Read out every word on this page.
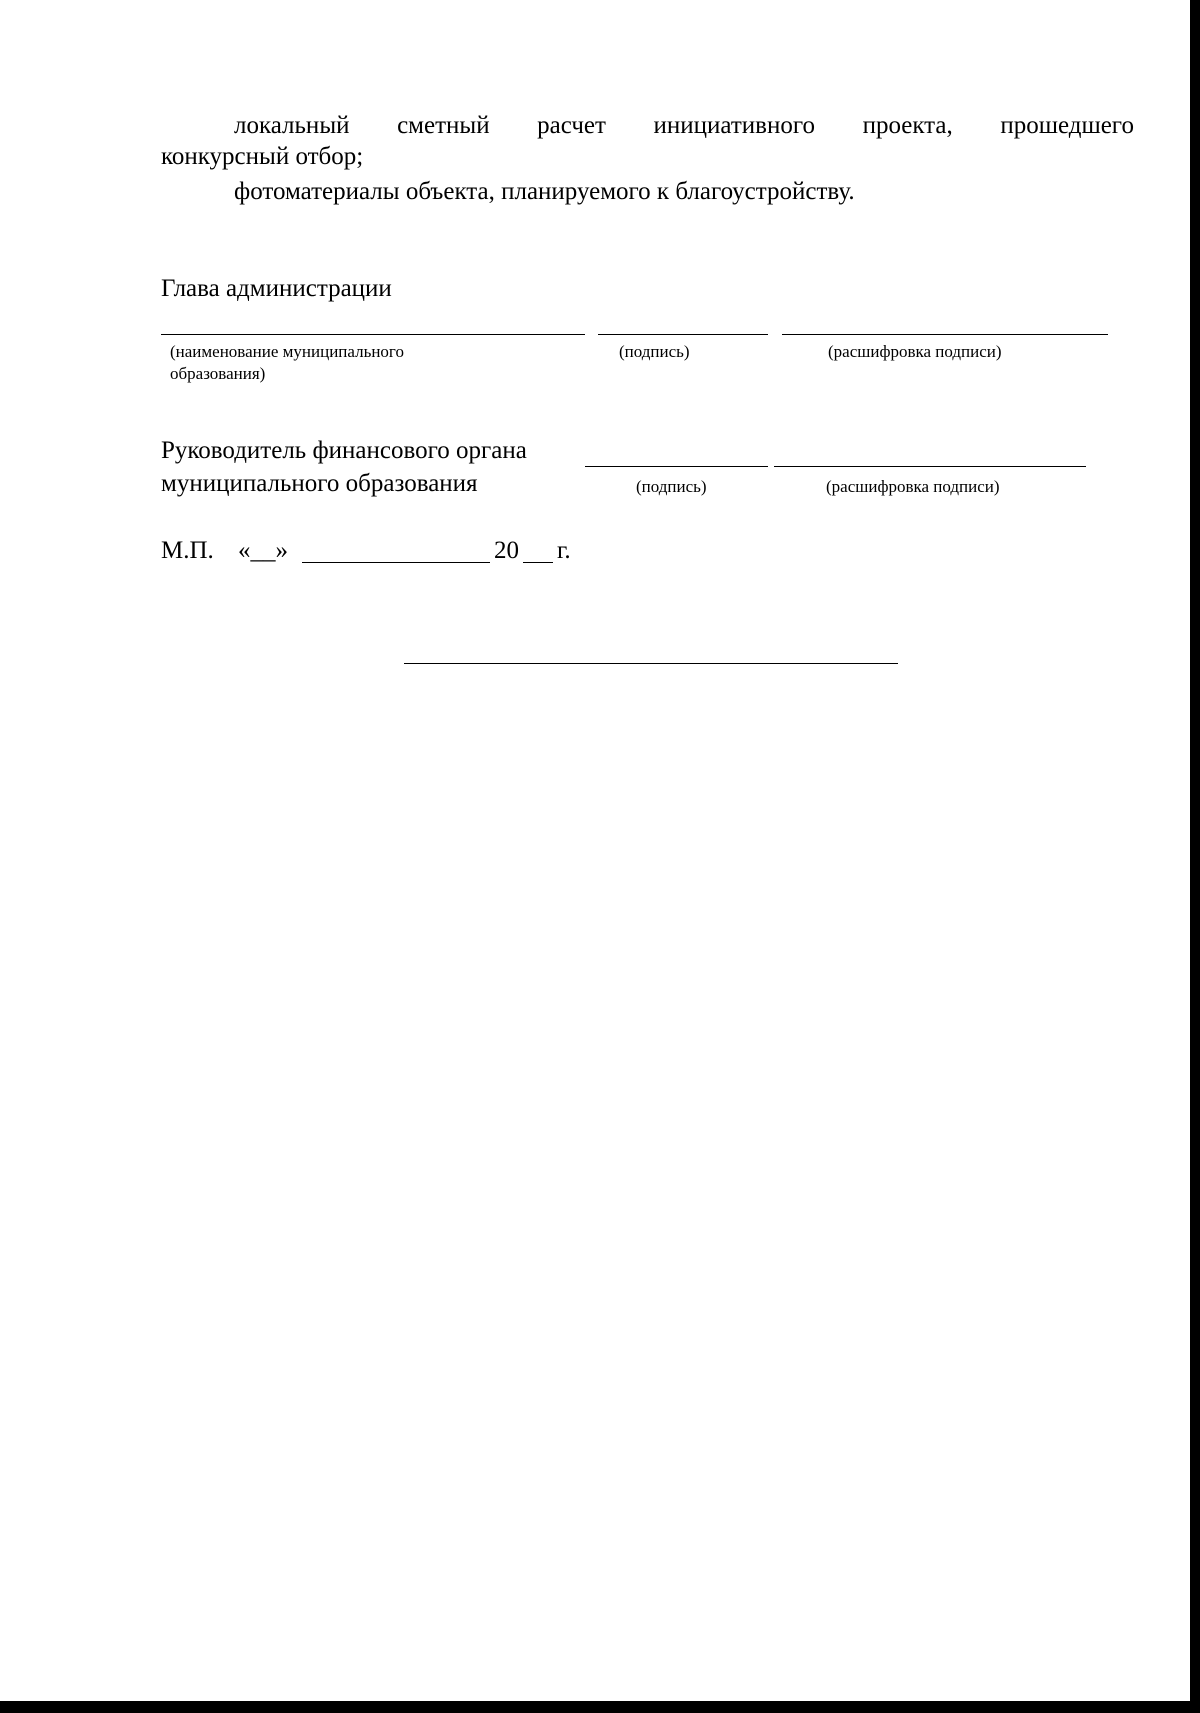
локальный сметный расчет инициативного проекта, прошедшего
конкурсный отбор;
фотоматериалы объекта, планируемого к благоустройству.
Глава администрации
(наименование муниципального
образования)
(подпись)	(расшифровка подписи)
Руководитель финансового органа
муниципального образования	(подпись)	(расшифровка подписи)
М.П. «__»	20 г.
